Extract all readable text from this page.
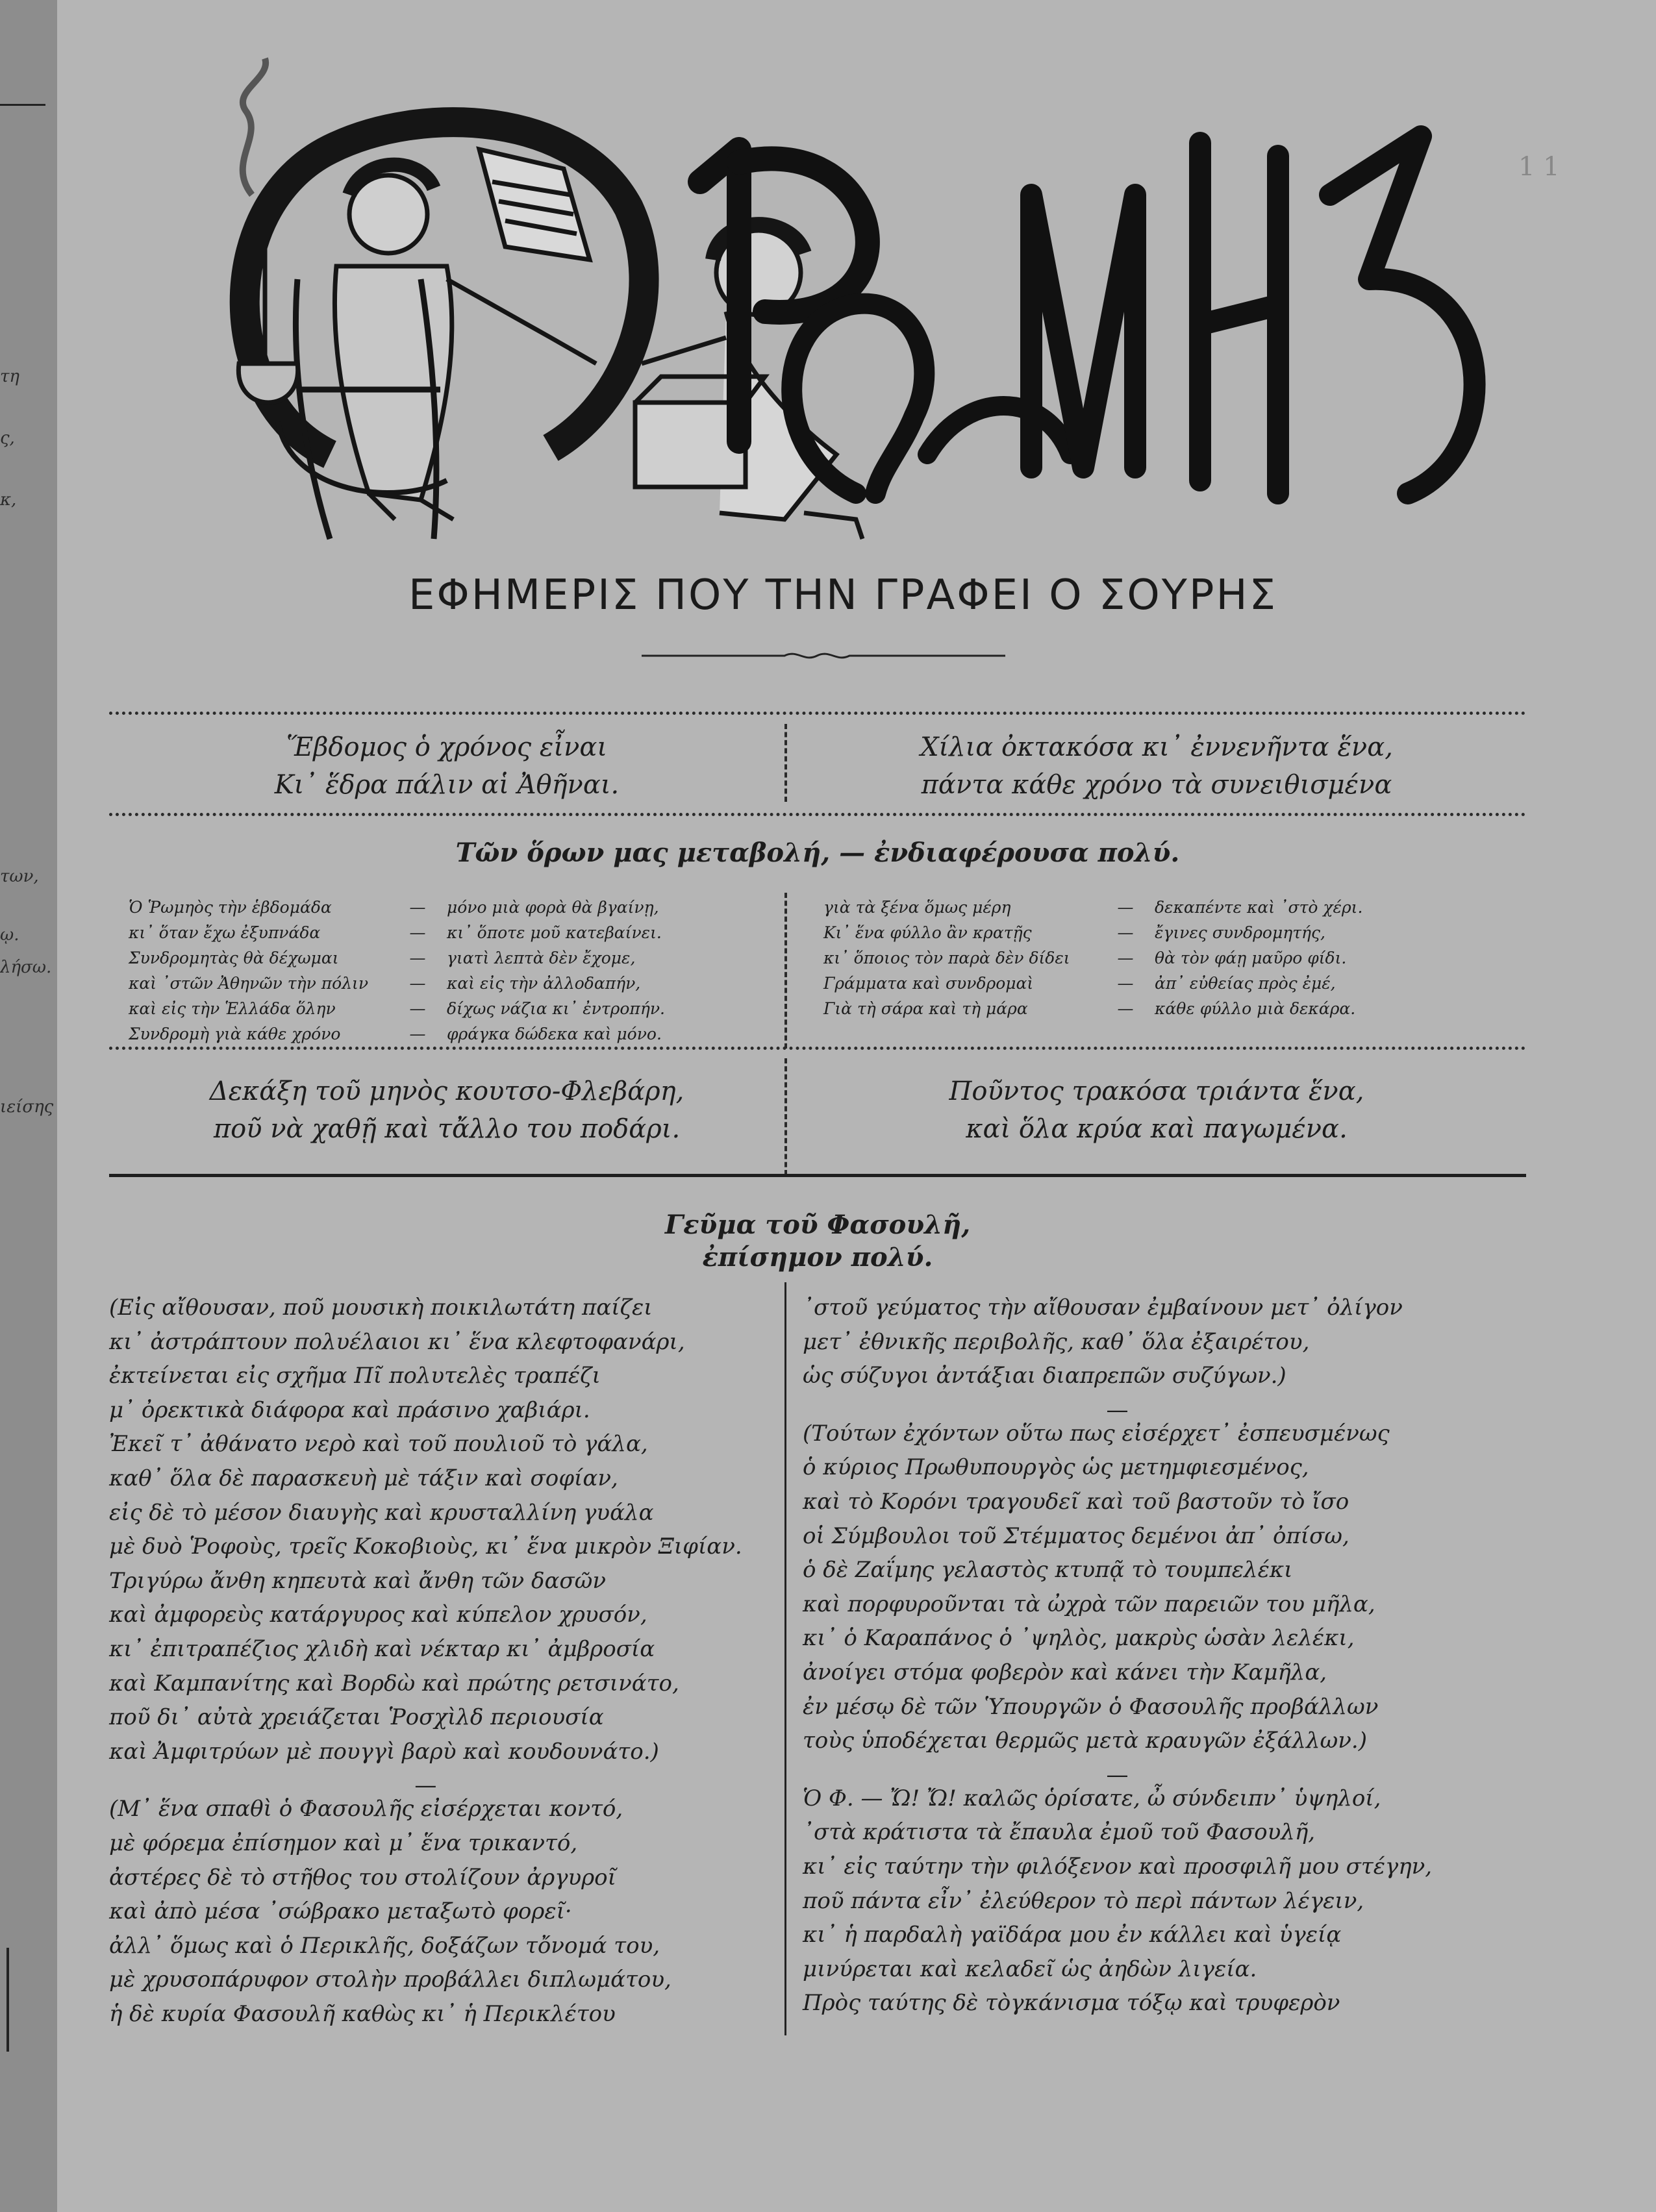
τη
ς,
κ,
των,
ῳ.
λήσω.
ιείσης
1 1
ΕΦΗΜΕΡΙΣ ΠΟΥ ΤΗΝ ΓΡΑΦΕΙ Ο ΣΟΥΡΗΣ
Ἕβδομος ὁ χρόνος εἶναι
Κι᾽ ἕδρα πάλιν αἱ Ἀθῆναι.
Χίλια ὀκτακόσα κι᾽ ἐννενῆντα ἕνα,
πάντα κάθε χρόνο τὰ συνειθισμένα
Τῶν ὅρων μας μεταβολή, — ἐνδιαφέρουσα πολύ.
Ὁ Ῥωμηὸς τὴν ἑβδομάδα	—	μόνο μιὰ φορὰ θὰ βγαίνῃ,
κι᾽ ὅταν ἔχω ἐξυπνάδα	—	κι᾽ ὅποτε μοῦ κατεβαίνει.
Συνδρομητὰς θὰ δέχωμαι	—	γιατὶ λεπτὰ δὲν ἔχομε,
καὶ ᾽στῶν Ἀθηνῶν τὴν πόλιν	—	καὶ εἰς τὴν ἀλλοδαπήν,
καὶ εἰς τὴν Ἑλλάδα ὅλην	—	δίχως νάζια κι᾽ ἐντροπήν.
Συνδρομὴ γιὰ κάθε χρόνο	—	φράγκα δώδεκα καὶ μόνο.
γιὰ τὰ ξένα ὅμως μέρη	—	δεκαπέντε καὶ ᾽στὸ χέρι.
Κι᾽ ἕνα φύλλο ἂν κρατῇς	—	ἔγινες συνδρομητής,
κι᾽ ὅποιος τὸν παρὰ δὲν δίδει	—	θὰ τὸν φάῃ μαῦρο φίδι.
Γράμματα καὶ συνδρομαὶ	—	ἀπ᾽ εὐθείας πρὸς ἐμέ,
Γιὰ τὴ σάρα καὶ τὴ μάρα	—	κάθε φύλλο μιὰ δεκάρα.
Δεκάξη τοῦ μηνὸς κουτσο-Φλεβάρη,
ποῦ νὰ χαθῇ καὶ τἄλλο του ποδάρι.
Ποῦντος τρακόσα τριάντα ἕνα,
καὶ ὅλα κρύα καὶ παγωμένα.
Γεῦμα τοῦ Φασουλῆ,
ἐπίσημον πολύ.
(Εἰς αἴθουσαν, ποῦ μουσικὴ ποικιλωτάτη παίζει
κι᾽ ἀστράπτουν πολυέλαιοι κι᾽ ἕνα κλεφτοφανάρι,
ἐκτείνεται εἰς σχῆμα Πῖ πολυτελὲς τραπέζι
μ᾽ ὀρεκτικὰ διάφορα καὶ πράσινο χαβιάρι.
Ἐκεῖ τ᾽ ἀθάνατο νερὸ καὶ τοῦ πουλιοῦ τὸ γάλα,
καθ᾽ ὅλα δὲ παρασκευὴ μὲ τάξιν καὶ σοφίαν,
εἰς δὲ τὸ μέσον διαυγὴς καὶ κρυσταλλίνη γυάλα
μὲ δυὸ Ῥοφοὺς, τρεῖς Κοκοβιοὺς, κι᾽ ἕνα μικρὸν Ξιφίαν.
Τριγύρω ἄνθη κηπευτὰ καὶ ἄνθη τῶν δασῶν
καὶ ἀμφορεὺς κατάργυρος καὶ κύπελον χρυσόν,
κι᾽ ἐπιτραπέζιος χλιδὴ καὶ νέκταρ κι᾽ ἀμβροσία
καὶ Καμπανίτης καὶ Βορδὼ καὶ πρώτης ρετσινάτο,
ποῦ δι᾽ αὐτὰ χρειάζεται Ῥοσχὶλδ περιουσία
καὶ Ἀμφιτρύων μὲ πουγγὶ βαρὺ καὶ κουδουνάτο.)
—
(Μ᾽ ἕνα σπαθὶ ὁ Φασουλῆς εἰσέρχεται κοντό,
μὲ φόρεμα ἐπίσημον καὶ μ᾽ ἕνα τρικαντό,
ἀστέρες δὲ τὸ στῆθος του στολίζουν ἀργυροῖ
καὶ ἀπὸ μέσα ᾽σώβρακο μεταξωτὸ φορεῖ·
ἀλλ᾽ ὅμως καὶ ὁ Περικλῆς, δοξάζων τὄνομά του,
μὲ χρυσοπάρυφον στολὴν προβάλλει διπλωμάτου,
ἡ δὲ κυρία Φασουλῆ καθὼς κι᾽ ἡ Περικλέτου
᾽στοῦ γεύματος τὴν αἴθουσαν ἐμβαίνουν μετ᾽ ὀλίγον
μετ᾽ ἐθνικῆς περιβολῆς, καθ᾽ ὅλα ἐξαιρέτου,
ὡς σύζυγοι ἀντάξιαι διαπρεπῶν συζύγων.)
—
(Τούτων ἐχόντων οὕτω πως εἰσέρχετ᾽ ἐσπευσμένως
ὁ κύριος Πρωθυπουργὸς ὡς μετημφιεσμένος,
καὶ τὸ Κορόνι τραγουδεῖ καὶ τοῦ βαστοῦν τὸ ἴσο
οἱ Σύμβουλοι τοῦ Στέμματος δεμένοι ἀπ᾽ ὀπίσω,
ὁ δὲ Ζαΐμης γελαστὸς κτυπᾷ τὸ τουμπελέκι
καὶ πορφυροῦνται τὰ ὠχρὰ τῶν παρειῶν του μῆλα,
κι᾽ ὁ Καραπάνος ὁ ᾽ψηλὸς, μακρὺς ὡσὰν λελέκι,
ἀνοίγει στόμα φοβερὸν καὶ κάνει τὴν Καμῆλα,
ἐν μέσῳ δὲ τῶν Ὑπουργῶν ὁ Φασουλῆς προβάλλων
τοὺς ὑποδέχεται θερμῶς μετὰ κραυγῶν ἐξάλλων.)
—
Ὁ Φ. — Ὤ! Ὤ! καλῶς ὁρίσατε, ὦ σύνδειπν᾽ ὑψηλοί,
᾽στὰ κράτιστα τὰ ἔπαυλα ἐμοῦ τοῦ Φασουλῆ,
κι᾽ εἰς ταύτην τὴν φιλόξενον καὶ προσφιλῆ μου στέγην,
ποῦ πάντα εἶν᾽ ἐλεύθερον τὸ περὶ πάντων λέγειν,
κι᾽ ἡ παρδαλὴ γαϊδάρα μου ἐν κάλλει καὶ ὑγείᾳ
μινύρεται καὶ κελαδεῖ ὡς ἀηδὼν λιγεία.
Πρὸς ταύτης δὲ τὸγκάνισμα τόξῳ καὶ τρυφερὸν
